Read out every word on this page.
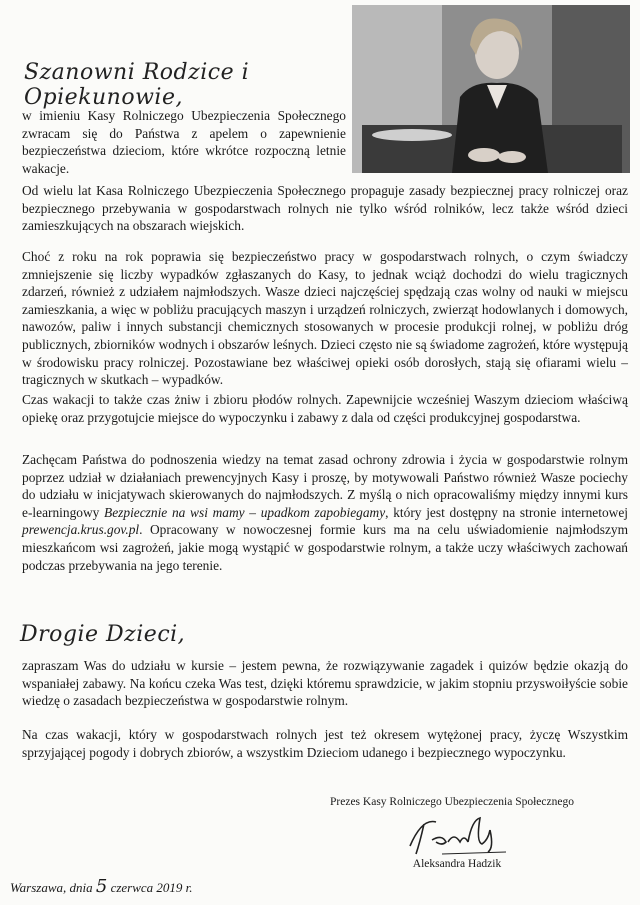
Szanowni Rodzice i Opiekunowie,

w imieniu Kasy Rolniczego Ubezpieczenia Społecznego zwracam się do Państwa z apelem o zapewnienie bezpieczeństwa dzieciom, które wkrótce rozpoczną letnie wakacje.

Od wielu lat Kasa Rolniczego Ubezpieczenia Społecznego propaguje zasady bezpiecznej pracy rolniczej oraz bezpiecznego przebywania w gospodarstwach rolnych nie tylko wśród rolników, lecz także wśród dzieci zamieszkujących na obszarach wiejskich.

Choć z roku na rok poprawia się bezpieczeństwo pracy w gospodarstwach rolnych, o czym świadczy zmniejszenie się liczby wypadków zgłaszanych do Kasy, to jednak wciąż dochodzi do wielu tragicznych zdarzeń, również z udziałem najmłodszych. Wasze dzieci najczęściej spędzają czas wolny od nauki w miejscu zamieszkania, a więc w pobliżu pracujących maszyn i urządzeń rolniczych, zwierząt hodowlanych i domowych, nawozów, paliw i innych substancji chemicznych stosowanych w procesie produkcji rolnej, w pobliżu dróg publicznych, zbiorników wodnych i obszarów leśnych. Dzieci często nie są świadome zagrożeń, które występują w środowisku pracy rolniczej. Pozostawiane bez właściwej opieki osób dorosłych, stają się ofiarami wielu – tragicznych w skutkach – wypadków.

Czas wakacji to także czas żniw i zbioru płodów rolnych. Zapewnijcie wcześniej Waszym dzieciom właściwą opiekę oraz przygotujcie miejsce do wypoczynku i zabawy z dala od części produkcyjnej gospodarstwa.

Zachęcam Państwa do podnoszenia wiedzy na temat zasad ochrony zdrowia i życia w gospodarstwie rolnym poprzez udział w działaniach prewencyjnych Kasy i proszę, by motywowali Państwo również Wasze pociechy do udziału w inicjatywach skierowanych do najmłodszych. Z myślą o nich opracowaliśmy między innymi kurs e-learningowy Bezpiecznie na wsi mamy – upadkom zapobiegamy, który jest dostępny na stronie internetowej prewencja.krus.gov.pl. Opracowany w nowoczesnej formie kurs ma na celu uświadomienie najmłodszym mieszkańcom wsi zagrożeń, jakie mogą wystąpić w gospodarstwie rolnym, a także uczy właściwych zachowań podczas przebywania na jego terenie.

Drogie Dzieci,

zapraszam Was do udziału w kursie – jestem pewna, że rozwiązywanie zagadek i quizów będzie okazją do wspaniałej zabawy. Na końcu czeka Was test, dzięki któremu sprawdzicie, w jakim stopniu przyswoiłyście sobie wiedzę o zasadach bezpieczeństwa w gospodarstwie rolnym.

Na czas wakacji, który w gospodarstwach rolnych jest też okresem wytężonej pracy, życzę Wszystkim sprzyjającej pogody i dobrych zbiorów, a wszystkim Dzieciom udanego i bezpiecznego wypoczynku.

Prezes Kasy Rolniczego Ubezpieczenia Społecznego
Aleksandra Hadzik
Warszawa, dnia 5 czerwca 2019 r.
